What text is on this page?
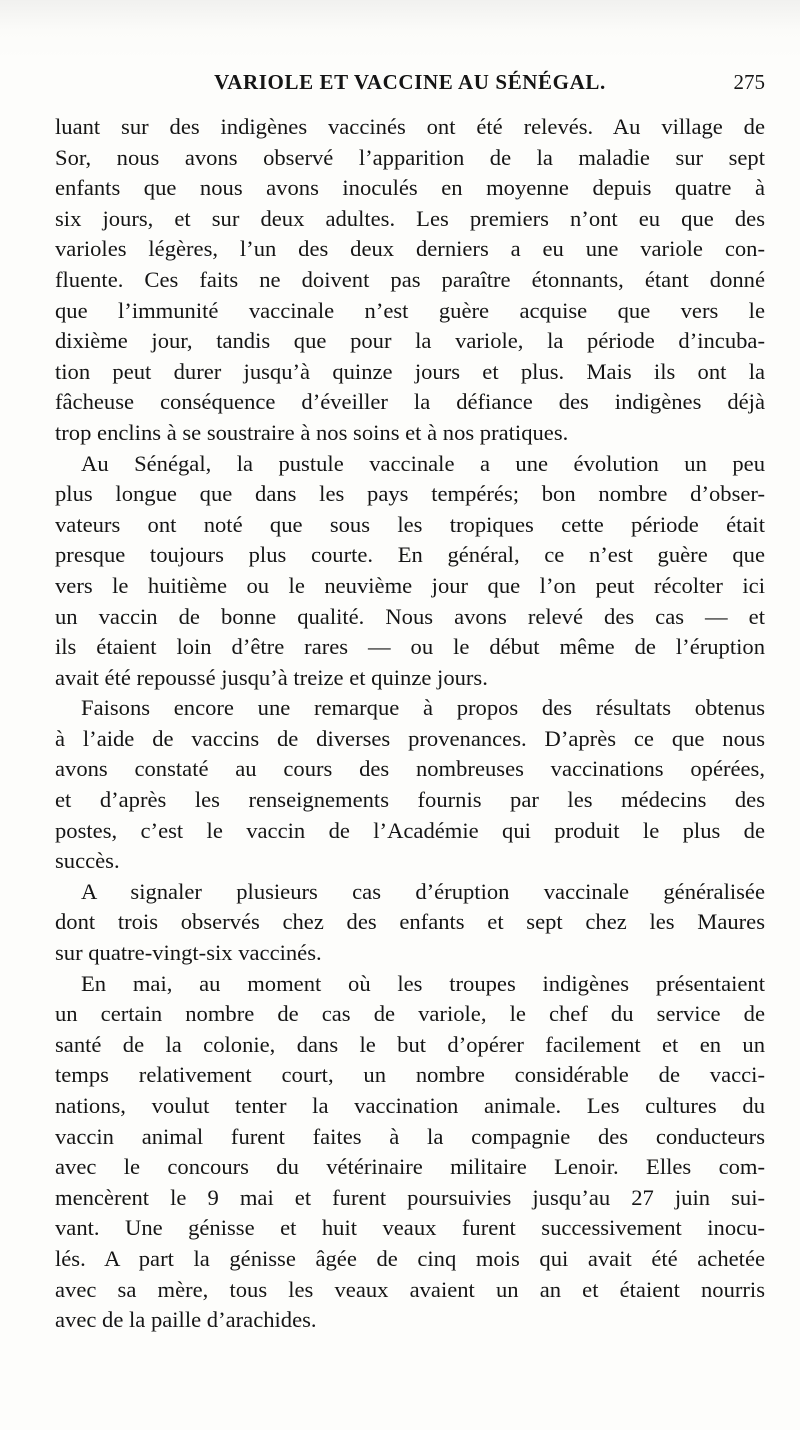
VARIOLE ET VACCINE AU SÉNÉGAL.	275
luant sur des indigènes vaccinés ont été relevés. Au village de
Sor, nous avons observé l’apparition de la maladie sur sept
enfants que nous avons inoculés en moyenne depuis quatre à
six jours, et sur deux adultes. Les premiers n’ont eu que des
varioles légères, l’un des deux derniers a eu une variole con-
fluente. Ces faits ne doivent pas paraître étonnants, étant donné
que l’immunité vaccinale n’est guère acquise que vers le
dixième jour, tandis que pour la variole, la période d’incuba-
tion peut durer jusqu’à quinze jours et plus. Mais ils ont la
fâcheuse conséquence d’éveiller la défiance des indigènes déjà
trop enclins à se soustraire à nos soins et à nos pratiques.
Au Sénégal, la pustule vaccinale a une évolution un peu
plus longue que dans les pays tempérés; bon nombre d’obser-
vateurs ont noté que sous les tropiques cette période était
presque toujours plus courte. En général, ce n’est guère que
vers le huitième ou le neuvième jour que l’on peut récolter ici
un vaccin de bonne qualité. Nous avons relevé des cas — et
ils étaient loin d’être rares — ou le début même de l’éruption
avait été repoussé jusqu’à treize et quinze jours.
Faisons encore une remarque à propos des résultats obtenus
à l’aide de vaccins de diverses provenances. D’après ce que nous
avons constaté au cours des nombreuses vaccinations opérées,
et d’après les renseignements fournis par les médecins des
postes, c’est le vaccin de l’Académie qui produit le plus de
succès.
A signaler plusieurs cas d’éruption vaccinale généralisée
dont trois observés chez des enfants et sept chez les Maures
sur quatre-vingt-six vaccinés.
En mai, au moment où les troupes indigènes présentaient
un certain nombre de cas de variole, le chef du service de
santé de la colonie, dans le but d’opérer facilement et en un
temps relativement court, un nombre considérable de vacci-
nations, voulut tenter la vaccination animale. Les cultures du
vaccin animal furent faites à la compagnie des conducteurs
avec le concours du vétérinaire militaire Lenoir. Elles com-
mencèrent le 9 mai et furent poursuivies jusqu’au 27 juin sui-
vant. Une génisse et huit veaux furent successivement inocu-
lés. A part la génisse âgée de cinq mois qui avait été achetée
avec sa mère, tous les veaux avaient un an et étaient nourris
avec de la paille d’arachides.
